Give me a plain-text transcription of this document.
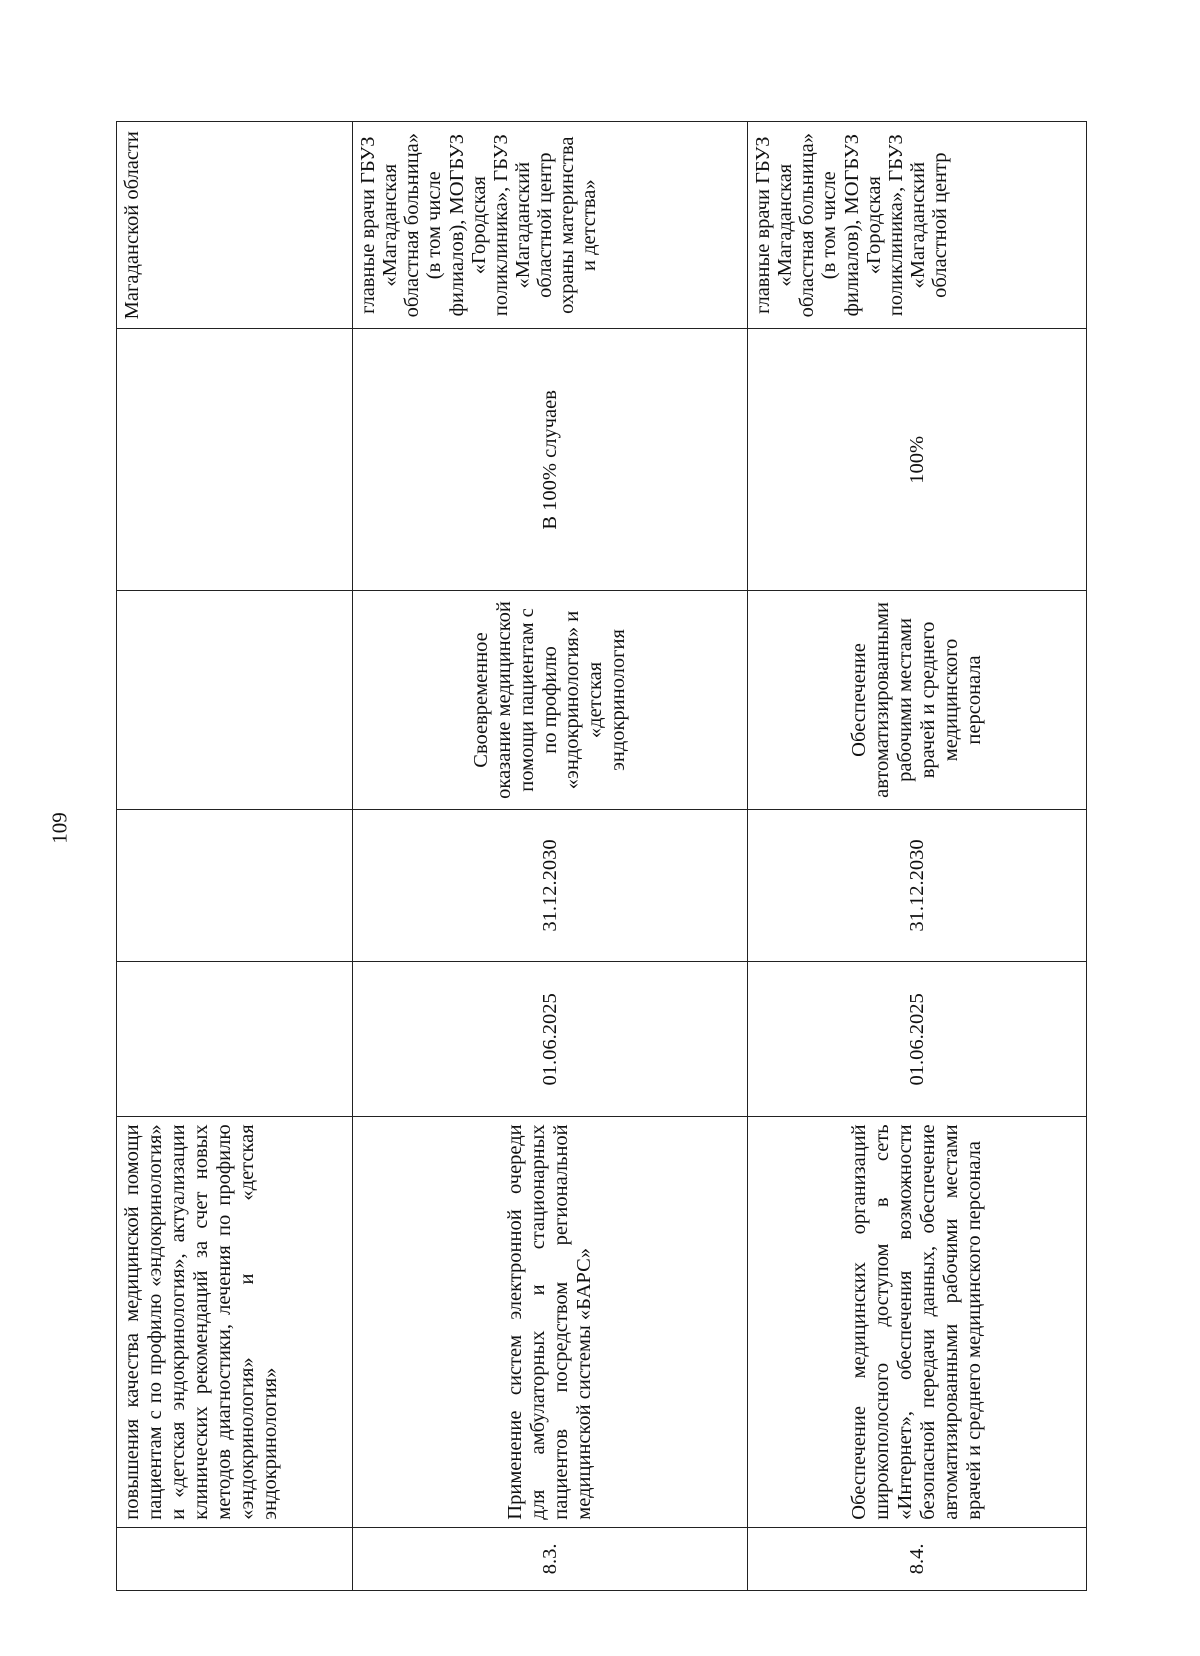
109
	повышения качества медицинской помощи пациентам с по профилю «эндокринология» и «детская эндокринология», актуализации клинических рекомендаций за счет новых методов диагностики, лечения по профилю «эндокринология» и «детская эндокринология»					Магаданской области
8.3.	Применение систем электронной очереди для амбулаторных и стационарных пациентов посредством региональной медицинской системы «БАРС»	01.06.2025	31.12.2030	Своевременное оказание медицинской помощи пациентам с по профилю «эндокринология» и «детская эндокринология	В 100% случаев	главные врачи ГБУЗ «Магаданская областная больница» (в том числе филиалов), МОГБУЗ «Городская поликлиника», ГБУЗ «Магаданский областной центр охраны материнства и детства»
8.4.	Обеспечение медицинских организаций широкополосного доступом в сеть «Интернет», обеспечения возможности безопасной передачи данных, обеспечение автоматизированными рабочими местами врачей и среднего медицинского персонала	01.06.2025	31.12.2030	Обеспечение автоматизированными рабочими местами врачей и среднего медицинского персонала	100%	главные врачи ГБУЗ «Магаданская областная больница» (в том числе филиалов), МОГБУЗ «Городская поликлиника», ГБУЗ «Магаданский областной центр
